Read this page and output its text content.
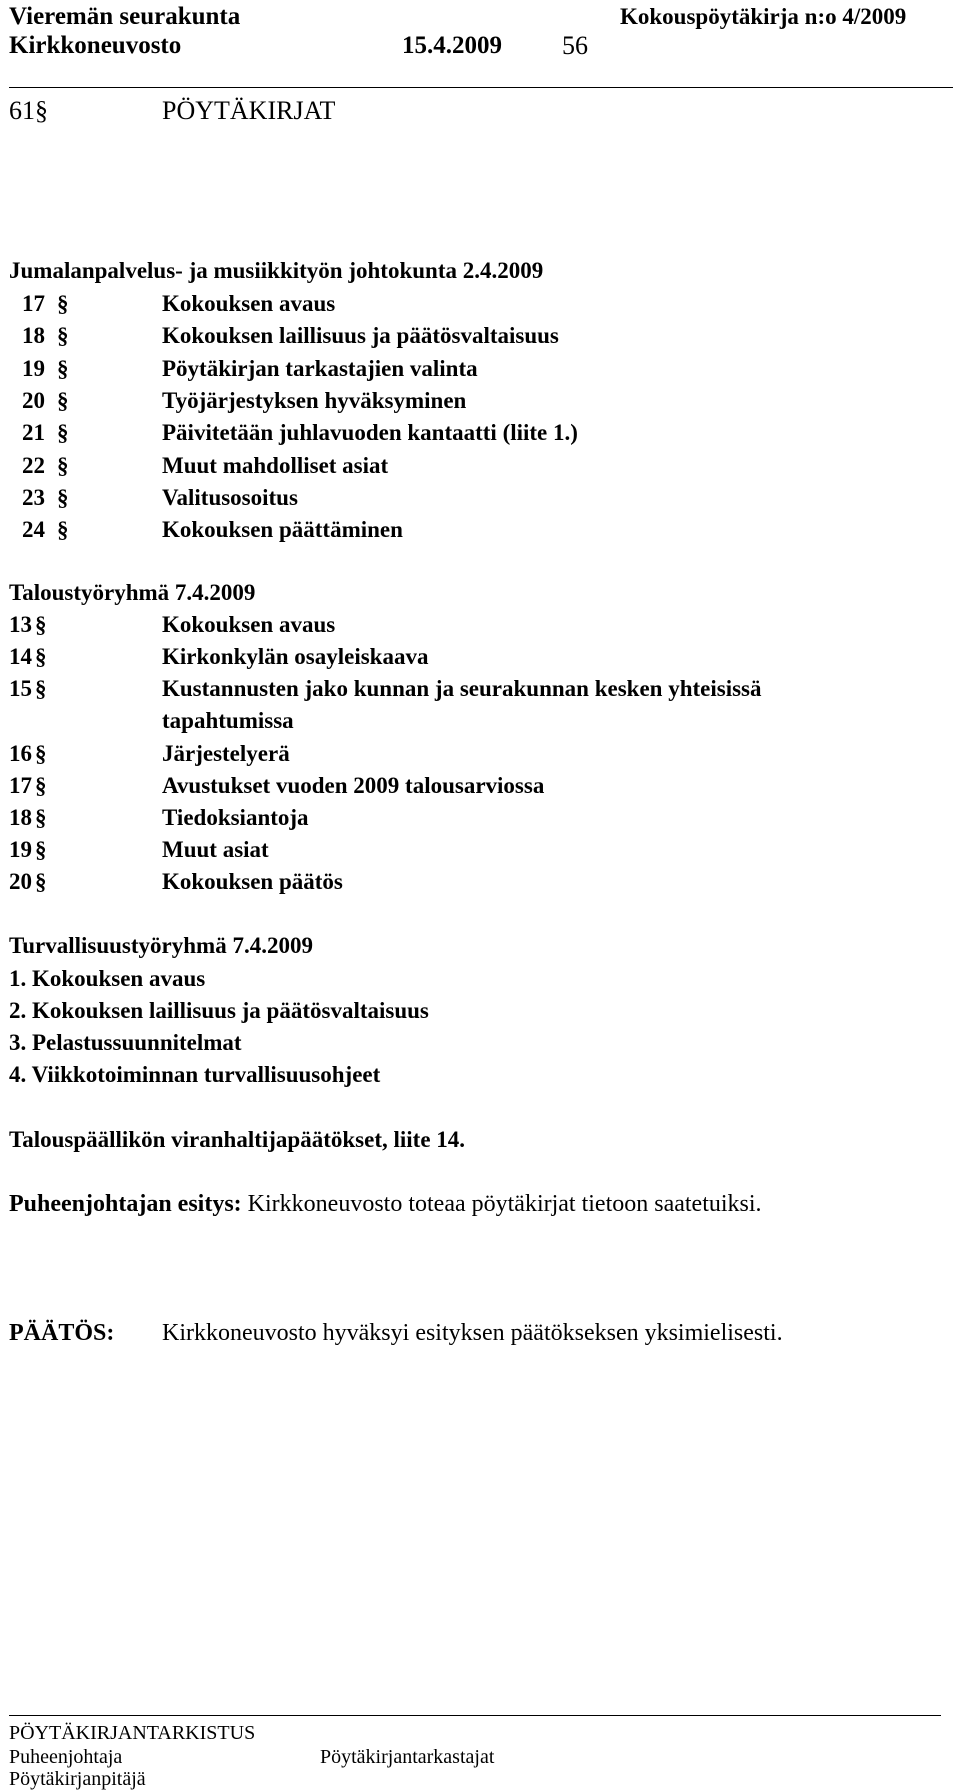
Vieremän seurakunta	Kokouspöytäkirja n:o 4/2009
Kirkkoneuvosto	15.4.2009 56
61§	PÖYTÄKIRJAT
Jumalanpalvelus- ja musiikkityön johtokunta 2.4.2009
17 §	Kokouksen avaus
18 §	Kokouksen laillisuus ja päätösvaltaisuus
19 §	Pöytäkirjan tarkastajien valinta
20 §	Työjärjestyksen hyväksyminen
21 §	Päivitetään juhlavuoden kantaatti (liite 1.)
22 §	Muut mahdolliset asiat
23 §	Valitusosoitus
24 §	Kokouksen päättäminen
Taloustyöryhmä 7.4.2009
13 §	Kokouksen avaus
14 §	Kirkonkylän osayleiskaava
15 §	Kustannusten jako kunnan ja seurakunnan kesken yhteisissä
tapahtumissa
16 §	Järjestelyerä
17 §	Avustukset vuoden 2009 talousarviossa
18 §	Tiedoksiantoja
19 §	Muut asiat
20 §	Kokouksen päätös
Turvallisuustyöryhmä 7.4.2009
1. Kokouksen avaus
2. Kokouksen laillisuus ja päätösvaltaisuus
3. Pelastussuunnitelmat
4. Viikkotoiminnan turvallisuusohjeet
Talouspäällikön viranhaltijapäätökset, liite 14.
Puheenjohtajan esitys: Kirkkoneuvosto toteaa pöytäkirjat tietoon saatetuiksi.
PÄÄTÖS: Kirkkoneuvosto hyväksyi esityksen päätökseksen yksimielisesti.
PÖYTÄKIRJANTARKISTUS
Puheenjohtaja	Pöytäkirjantarkastajat
Pöytäkirjanpitäjä
